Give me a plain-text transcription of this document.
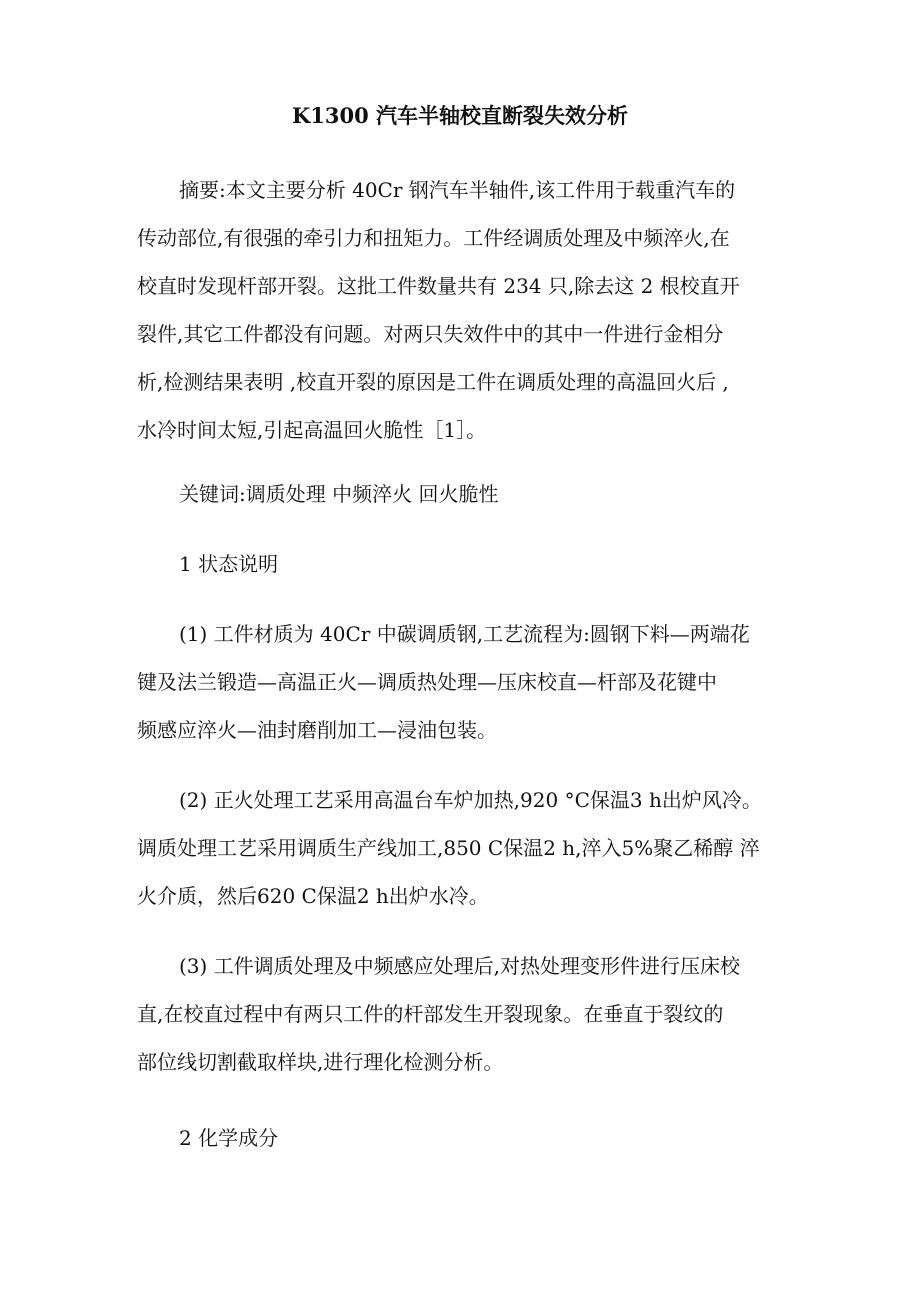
K1300 汽车半轴校直断裂失效分析
摘要:本文主要分析 40Cr 钢汽车半轴件,该工件用于载重汽车的
传动部位,有很强的牵引力和扭矩力。工件经调质处理及中频淬火,在
校直时发现杆部开裂。这批工件数量共有 234 只,除去这 2 根校直开
裂件,其它工件都没有问题。对两只失效件中的其中一件进行金相分
析,检测结果表明 ,校直开裂的原因是工件在调质处理的高温回火后 ,
水冷时间太短,引起高温回火脆性［1］。
关键词:调质处理 中频淬火 回火脆性
1 状态说明
(1) 工件材质为 40Cr 中碳调质钢,工艺流程为:圆钢下料—两端花
键及法兰锻造—高温正火—调质热处理—压床校直—杆部及花键中
频感应淬火—油封磨削加工—浸油包装。
(2) 正火处理工艺采用高温台车炉加热,920 °C保温3 h出炉风冷。
调质处理工艺采用调质生产线加工,850 C保温2 h,淬入5%聚乙稀醇 淬
火介质，然后620 C保温2 h出炉水冷。
(3) 工件调质处理及中频感应处理后,对热处理变形件进行压床校
直,在校直过程中有两只工件的杆部发生开裂现象。在垂直于裂纹的
部位线切割截取样块,进行理化检测分析。
2 化学成分
